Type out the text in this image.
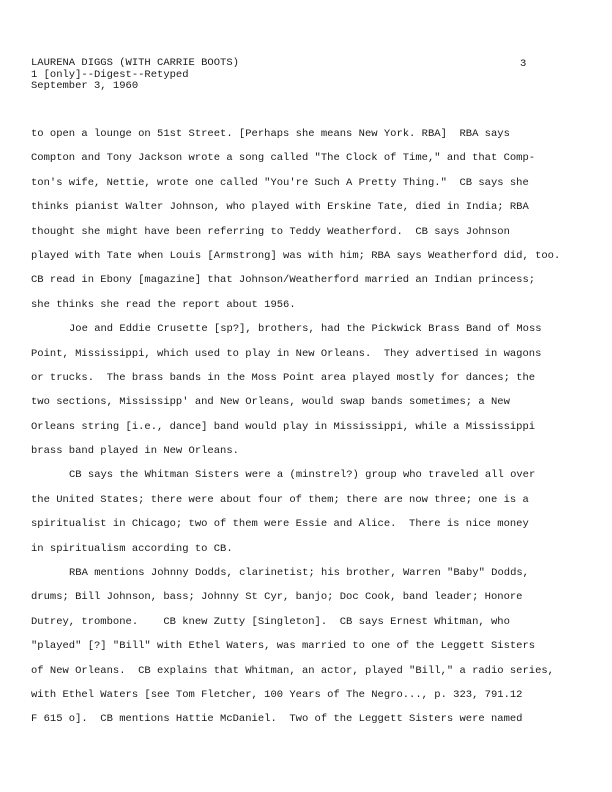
LAURENA DIGGS (WITH CARRIE BOOTS)
1 [only]--Digest--Retyped
September 3, 1960
3
to open a lounge on 51st Street. [Perhaps she means New York. RBA]  RBA says
Compton and Tony Jackson wrote a song called "The Clock of Time," and that Comp-
ton's wife, Nettie, wrote one called "You're Such A Pretty Thing."  CB says she
thinks pianist Walter Johnson, who played with Erskine Tate, died in India; RBA
thought she might have been referring to Teddy Weatherford.  CB says Johnson
played with Tate when Louis [Armstrong] was with him; RBA says Weatherford did, too.
CB read in Ebony [magazine] that Johnson/Weatherford married an Indian princess;
she thinks she read the report about 1956.
Joe and Eddie Crusette [sp?], brothers, had the Pickwick Brass Band of Moss
Point, Mississippi, which used to play in New Orleans.  They advertised in wagons
or trucks.  The brass bands in the Moss Point area played mostly for dances; the
two sections, Mississipp' and New Orleans, would swap bands sometimes; a New
Orleans string [i.e., dance] band would play in Mississippi, while a Mississippi
brass band played in New Orleans.
CB says the Whitman Sisters were a (minstrel?) group who traveled all over
the United States; there were about four of them; there are now three; one is a
spiritualist in Chicago; two of them were Essie and Alice.  There is nice money
in spiritualism according to CB.
RBA mentions Johnny Dodds, clarinetist; his brother, Warren "Baby" Dodds,
drums; Bill Johnson, bass; Johnny St Cyr, banjo; Doc Cook, band leader; Honore
Dutrey, trombone.    CB knew Zutty [Singleton].  CB says Ernest Whitman, who
"played" [?] "Bill" with Ethel Waters, was married to one of the Leggett Sisters
of New Orleans.  CB explains that Whitman, an actor, played "Bill," a radio series,
with Ethel Waters [see Tom Fletcher, 100 Years of The Negro..., p. 323, 791.12
F 615 o].  CB mentions Hattie McDaniel.  Two of the Leggett Sisters were named
